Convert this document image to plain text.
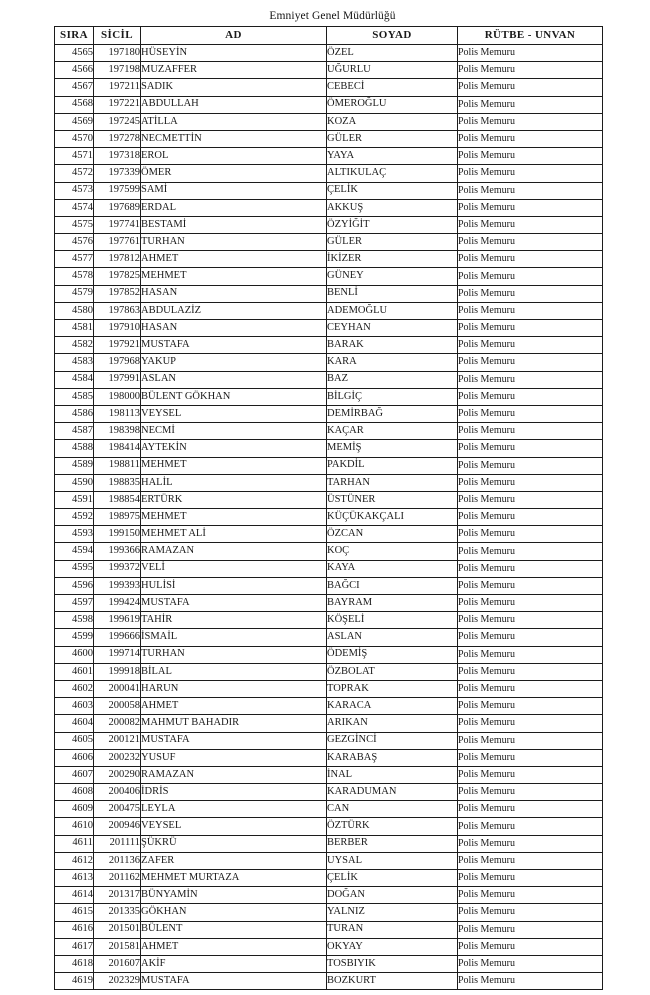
Emniyet Genel Müdürlüğü
SIRA	SİCİL	AD	SOYAD	RÜTBE - UNVAN
4565	197180	HÜSEYİN	ÖZEL	Polis Memuru
4566	197198	MUZAFFER	UĞURLU	Polis Memuru
4567	197211	SADIK	CEBECİ	Polis Memuru
4568	197221	ABDULLAH	ÖMEROĞLU	Polis Memuru
4569	197245	ATİLLA	KOZA	Polis Memuru
4570	197278	NECMETTİN	GÜLER	Polis Memuru
4571	197318	EROL	YAYA	Polis Memuru
4572	197339	ÖMER	ALTIKULAÇ	Polis Memuru
4573	197599	SAMİ	ÇELİK	Polis Memuru
4574	197689	ERDAL	AKKUŞ	Polis Memuru
4575	197741	BESTAMİ	ÖZYİĞİT	Polis Memuru
4576	197761	TURHAN	GÜLER	Polis Memuru
4577	197812	AHMET	İKİZER	Polis Memuru
4578	197825	MEHMET	GÜNEY	Polis Memuru
4579	197852	HASAN	BENLİ	Polis Memuru
4580	197863	ABDULAZİZ	ADEMOĞLU	Polis Memuru
4581	197910	HASAN	CEYHAN	Polis Memuru
4582	197921	MUSTAFA	BARAK	Polis Memuru
4583	197968	YAKUP	KARA	Polis Memuru
4584	197991	ASLAN	BAZ	Polis Memuru
4585	198000	BÜLENT GÖKHAN	BİLGİÇ	Polis Memuru
4586	198113	VEYSEL	DEMİRBAĞ	Polis Memuru
4587	198398	NECMİ	KAÇAR	Polis Memuru
4588	198414	AYTEKİN	MEMİŞ	Polis Memuru
4589	198811	MEHMET	PAKDİL	Polis Memuru
4590	198835	HALİL	TARHAN	Polis Memuru
4591	198854	ERTÜRK	ÜSTÜNER	Polis Memuru
4592	198975	MEHMET	KÜÇÜKAKÇALI	Polis Memuru
4593	199150	MEHMET ALİ	ÖZCAN	Polis Memuru
4594	199366	RAMAZAN	KOÇ	Polis Memuru
4595	199372	VELİ	KAYA	Polis Memuru
4596	199393	HULİSİ	BAĞCI	Polis Memuru
4597	199424	MUSTAFA	BAYRAM	Polis Memuru
4598	199619	TAHİR	KÖŞELİ	Polis Memuru
4599	199666	İSMAİL	ASLAN	Polis Memuru
4600	199714	TURHAN	ÖDEMİŞ	Polis Memuru
4601	199918	BİLAL	ÖZBOLAT	Polis Memuru
4602	200041	HARUN	TOPRAK	Polis Memuru
4603	200058	AHMET	KARACA	Polis Memuru
4604	200082	MAHMUT BAHADIR	ARIKAN	Polis Memuru
4605	200121	MUSTAFA	GEZGİNCİ	Polis Memuru
4606	200232	YUSUF	KARABAŞ	Polis Memuru
4607	200290	RAMAZAN	İNAL	Polis Memuru
4608	200406	İDRİS	KARADUMAN	Polis Memuru
4609	200475	LEYLA	CAN	Polis Memuru
4610	200946	VEYSEL	ÖZTÜRK	Polis Memuru
4611	201111	ŞÜKRÜ	BERBER	Polis Memuru
4612	201136	ZAFER	UYSAL	Polis Memuru
4613	201162	MEHMET MURTAZA	ÇELİK	Polis Memuru
4614	201317	BÜNYAMİN	DOĞAN	Polis Memuru
4615	201335	GÖKHAN	YALNIZ	Polis Memuru
4616	201501	BÜLENT	TURAN	Polis Memuru
4617	201581	AHMET	OKYAY	Polis Memuru
4618	201607	AKİF	TOSBIYIK	Polis Memuru
4619	202329	MUSTAFA	BOZKURT	Polis Memuru
